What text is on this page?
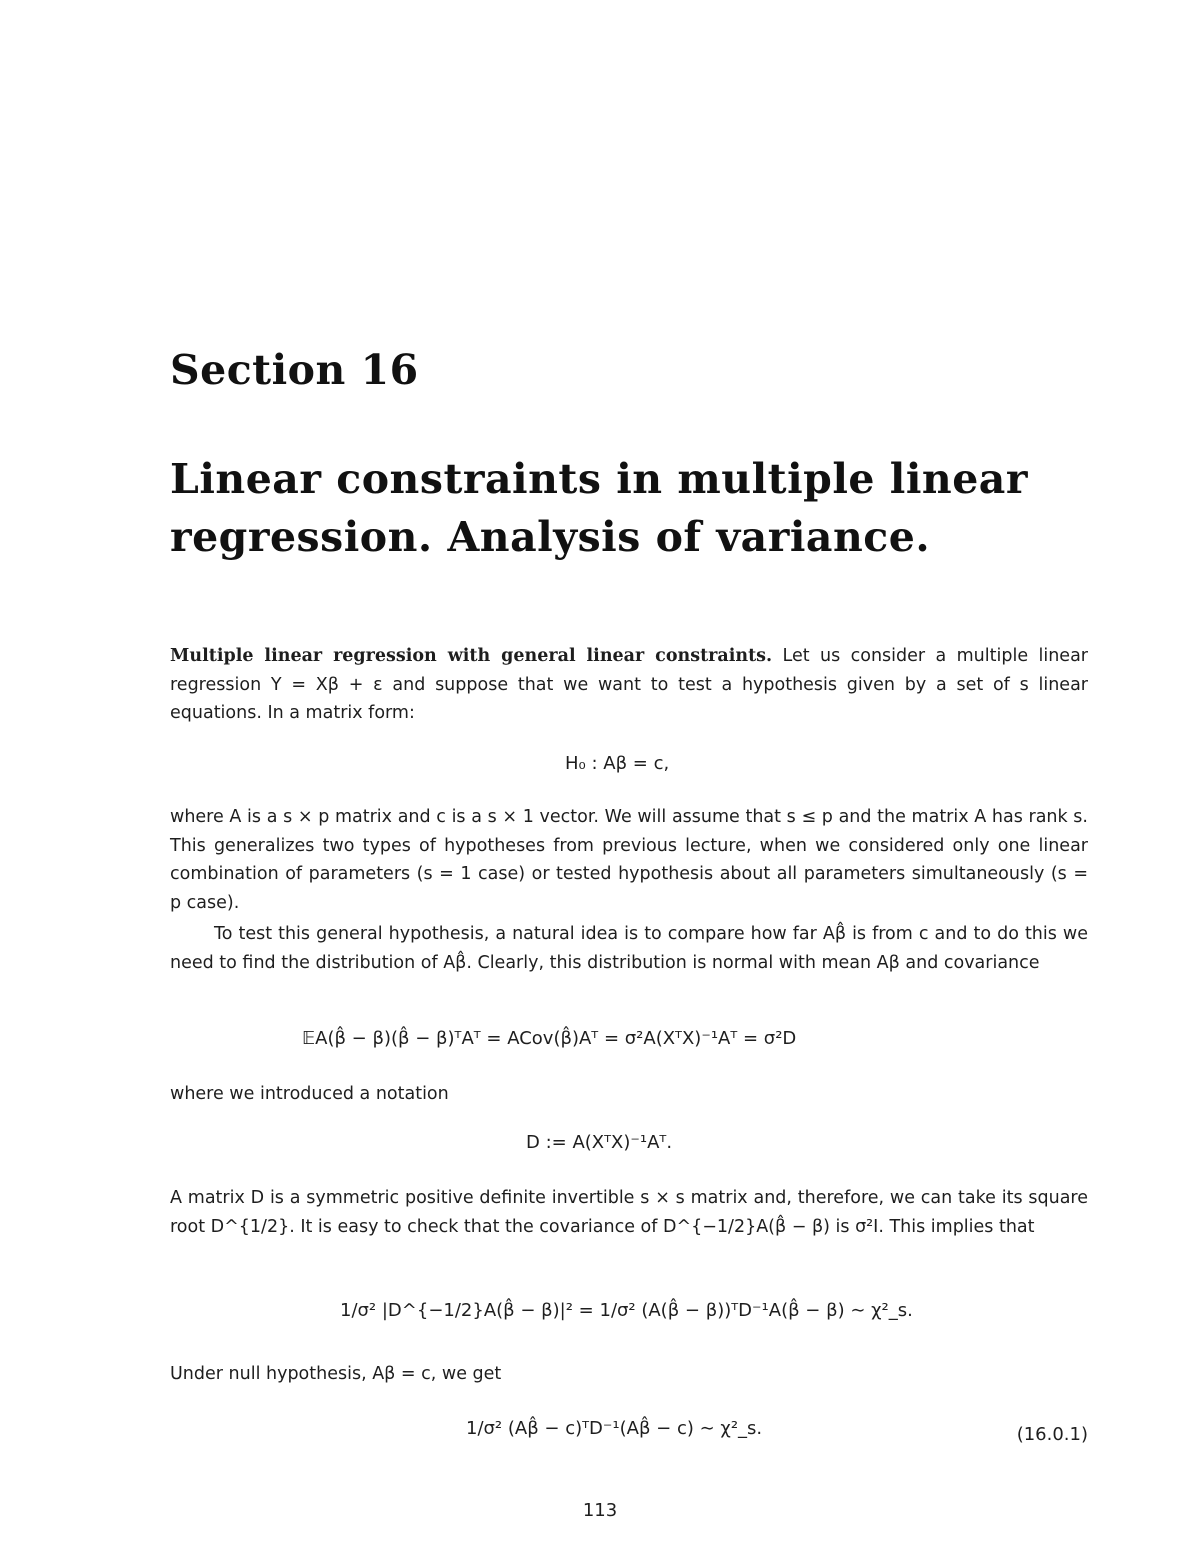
Section 16
Linear constraints in multiple linear regression. Analysis of variance.
Multiple linear regression with general linear constraints. Let us consider a multiple linear regression Y = Xβ + ε and suppose that we want to test a hypothesis given by a set of s linear equations. In a matrix form:
H₀ : Aβ = c,
where A is a s × p matrix and c is a s × 1 vector. We will assume that s ≤ p and the matrix A has rank s. This generalizes two types of hypotheses from previous lecture, when we considered only one linear combination of parameters (s = 1 case) or tested hypothesis about all parameters simultaneously (s = p case).
To test this general hypothesis, a natural idea is to compare how far Aβ̂ is from c and to do this we need to find the distribution of Aβ̂. Clearly, this distribution is normal with mean Aβ and covariance
𝔼A(β̂ − β)(β̂ − β)ᵀAᵀ = ACov(β̂)Aᵀ = σ²A(XᵀX)⁻¹Aᵀ = σ²D
where we introduced a notation
D := A(XᵀX)⁻¹Aᵀ.
A matrix D is a symmetric positive definite invertible s × s matrix and, therefore, we can take its square root D^{1/2}. It is easy to check that the covariance of D^{−1/2}A(β̂ − β) is σ²I. This implies that
1/σ² |D^{−1/2}A(β̂ − β)|² = 1/σ² (A(β̂ − β))ᵀD⁻¹A(β̂ − β) ∼ χ²_s.
Under null hypothesis, Aβ = c, we get
1/σ² (Aβ̂ − c)ᵀD⁻¹(Aβ̂ − c) ∼ χ²_s.	(16.0.1)
113
